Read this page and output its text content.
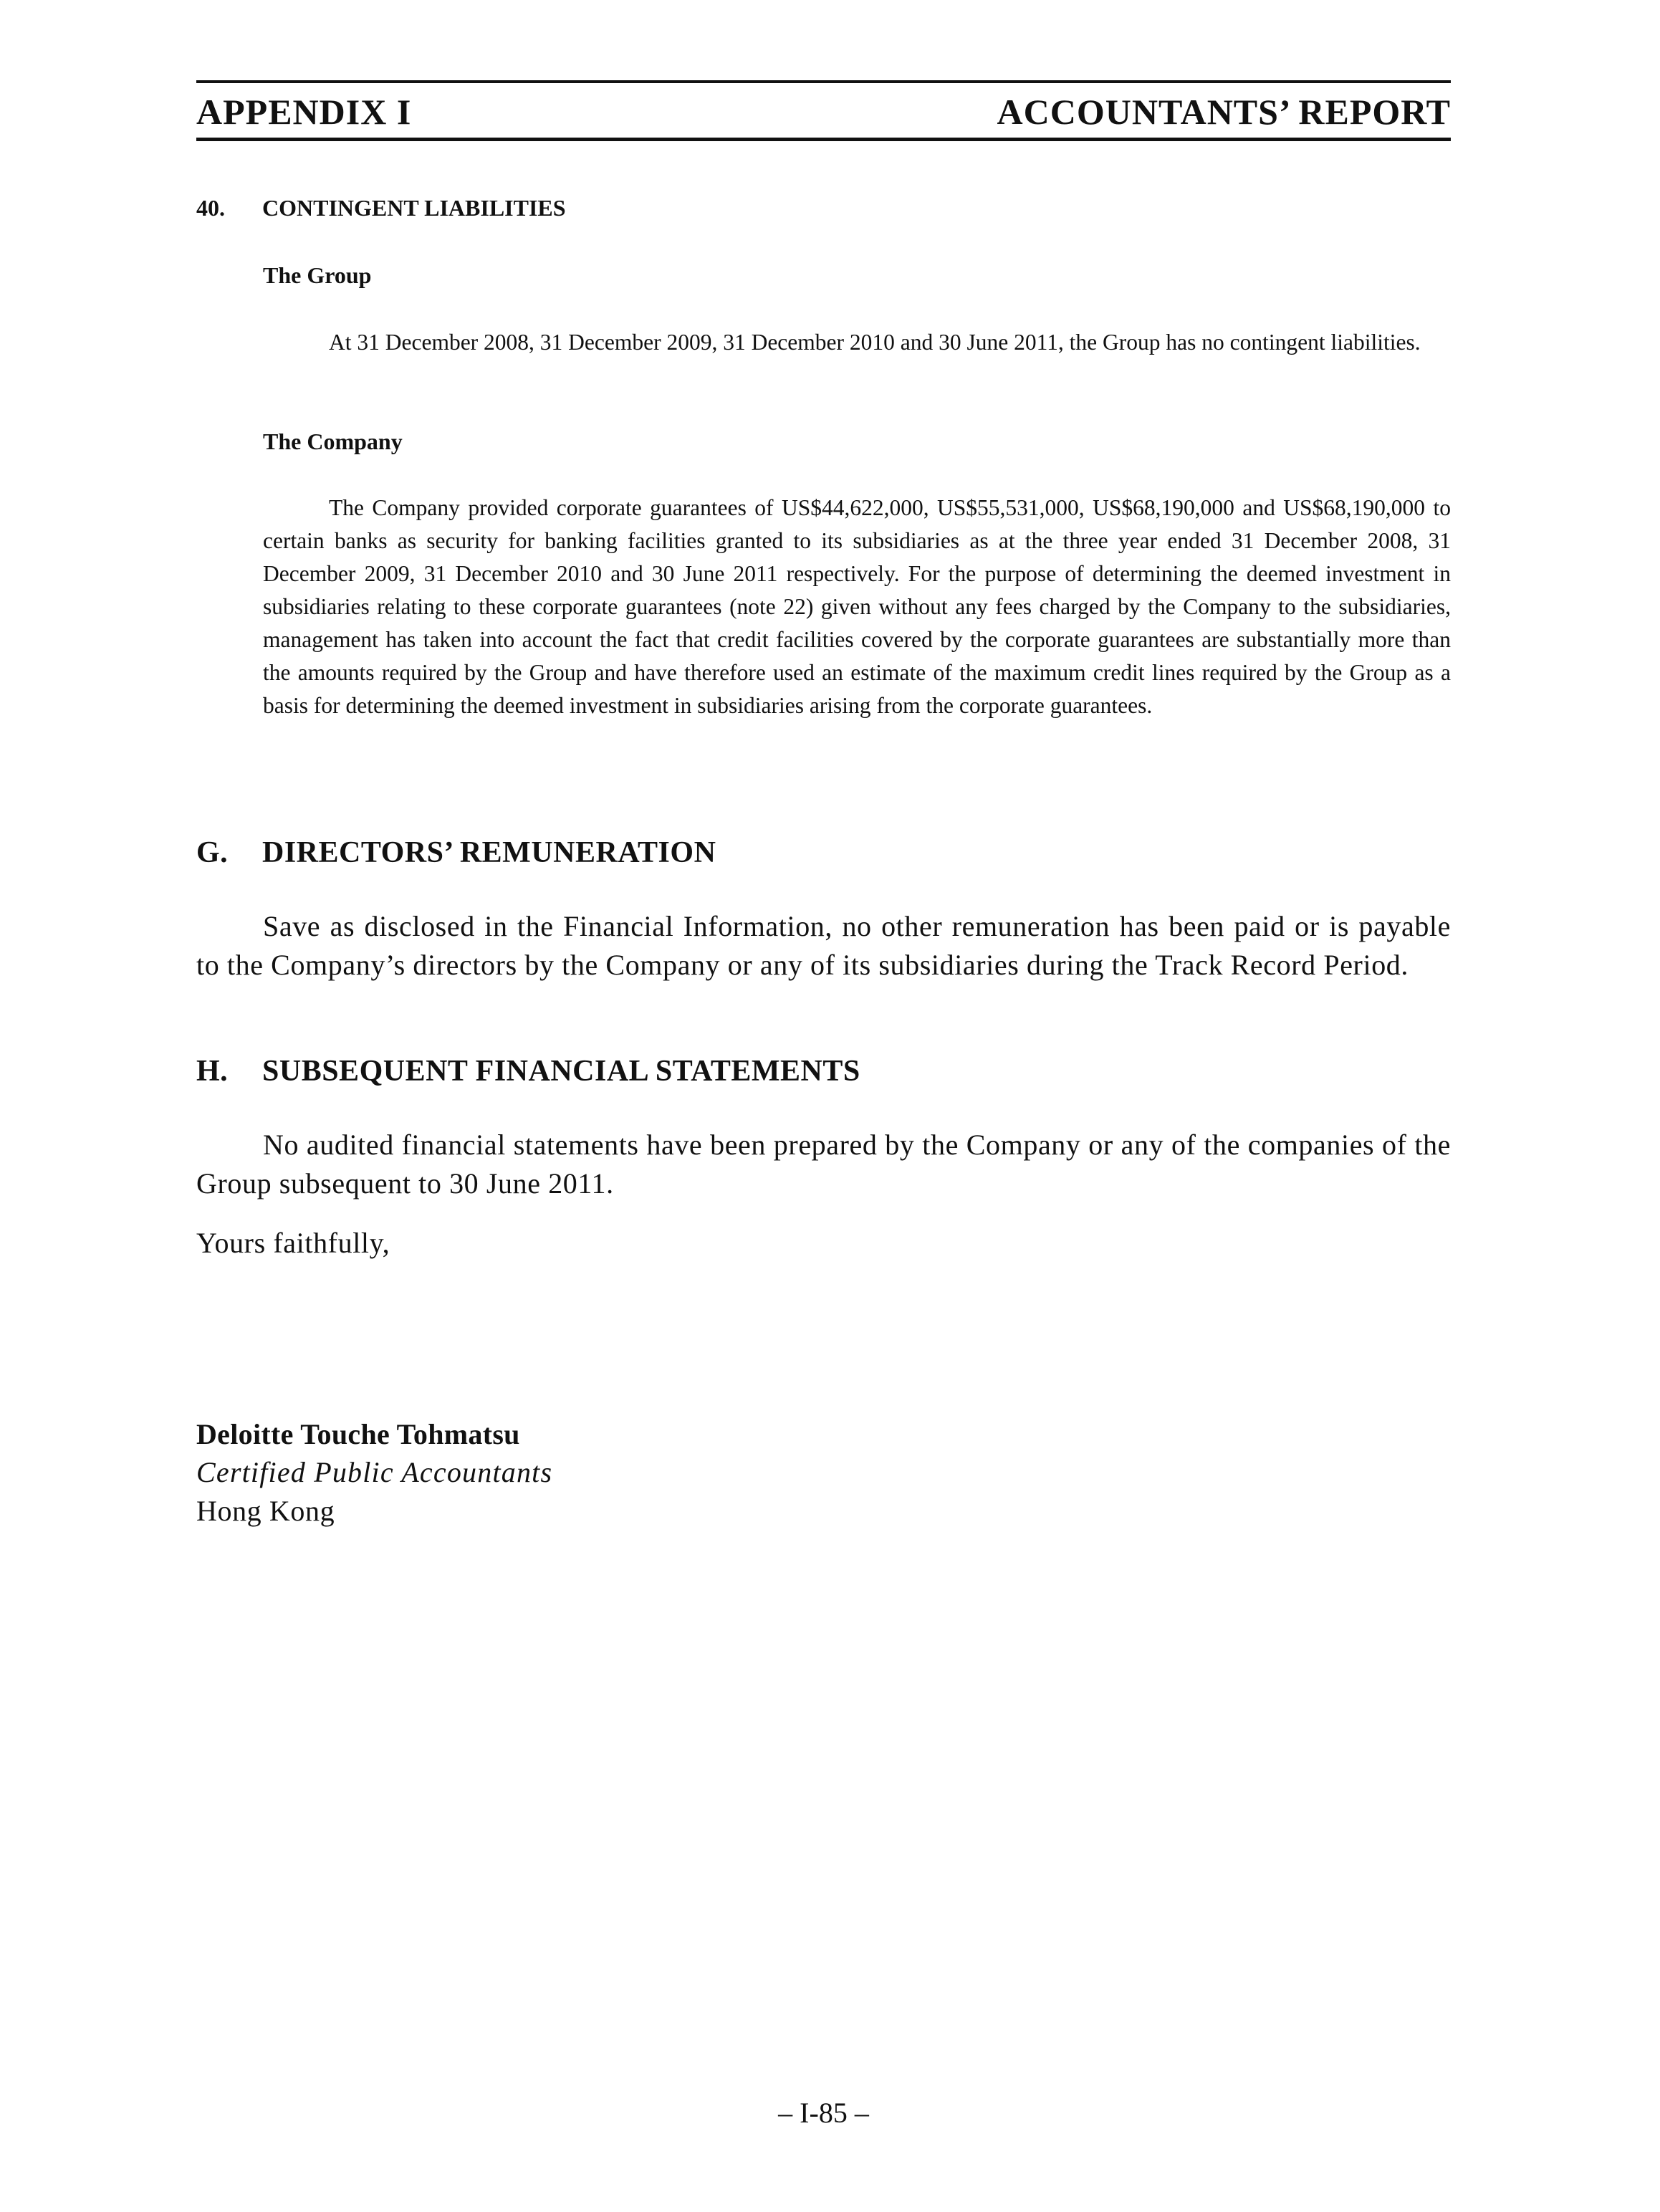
APPENDIX I	ACCOUNTANTS’ REPORT
40. CONTINGENT LIABILITIES
The Group

At 31 December 2008, 31 December 2009, 31 December 2010 and 30 June 2011, the Group has no contingent liabilities.

The Company

The Company provided corporate guarantees of US$44,622,000, US$55,531,000, US$68,190,000 and US$68,190,000 to certain banks as security for banking facilities granted to its subsidiaries as at the three year ended 31 December 2008, 31 December 2009, 31 December 2010 and 30 June 2011 respectively. For the purpose of determining the deemed investment in subsidiaries relating to these corporate guarantees (note 22) given without any fees charged by the Company to the subsidiaries, management has taken into account the fact that credit facilities covered by the corporate guarantees are substantially more than the amounts required by the Group and have therefore used an estimate of the maximum credit lines required by the Group as a basis for determining the deemed investment in subsidiaries arising from the corporate guarantees.

G. DIRECTORS’ REMUNERATION

Save as disclosed in the Financial Information, no other remuneration has been paid or is payable to the Company’s directors by the Company or any of its subsidiaries during the Track Record Period.

H. SUBSEQUENT FINANCIAL STATEMENTS

No audited financial statements have been prepared by the Company or any of the companies of the Group subsequent to 30 June 2011.

Yours faithfully,
Deloitte Touche Tohmatsu
Certified Public Accountants
Hong Kong
– I-85 –
